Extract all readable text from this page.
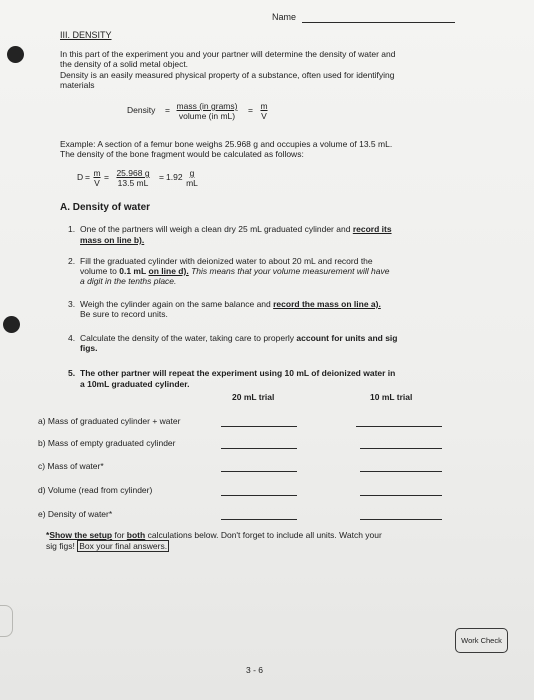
Name
III. DENSITY
In this part of the experiment you and your partner will determine the density of water and
the density of a solid metal object.
Density is an easily measured physical property of a substance, often used for identifying
materials
Density = mass (in grams)
volume (in mL)
= $\frac{m}{V}$
Example: A section of a femur bone weighs 25.968 g and occupies a volume of 13.5 mL.
The density of the bone fragment would be calculated as follows:
$D = \frac{m}{V} = \frac{25.968 g}{13.5 mL} = 1.92 \frac{g}{mL}$
A. Density of water
1. One of the partners will weigh a clean dry 25 mL graduated cylinder and record its
mass on line b).
2. Fill the graduated cylinder with deionized water to about 20 mL and record the
volume to 0.1 mL on line d). This means that your volume measurement will have
a digit in the tenths place.
3. Weigh the cylinder again on the same balance and record the mass on line a).
Be sure to record units.
4. Calculate the density of the water, taking care to properly account for units and sig
figs.
5. The other partner will repeat the experiment using 10 mL of deionized water in
a 10mL graduated cylinder.
20 mL trial	10 mL trial
a) Mass of graduated cylinder + water
b) Mass of empty graduated cylinder
c) Mass of water*
d) Volume (read from cylinder)
e) Density of water*
*Show the setup for both calculations below. Don't forget to include all units. Watch your
sig figs! Box your final answers.
Work Check
3 - 6
